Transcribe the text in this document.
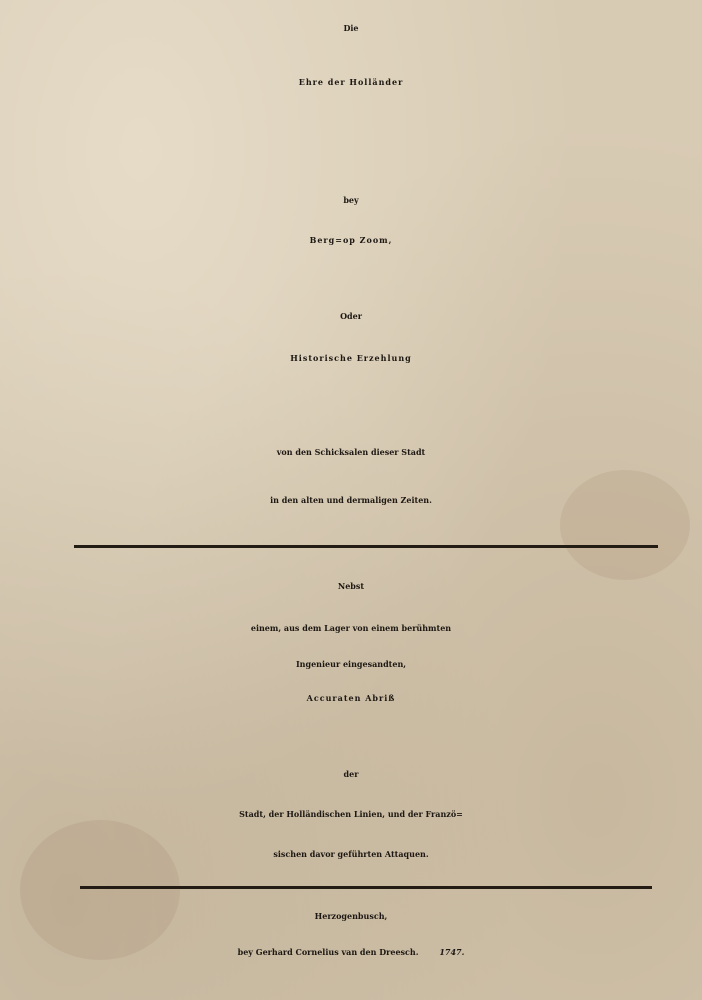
Die
Ehre der Holländer
bey
Berg=op Zoom,
Oder
Historische Erzehlung
von den Schicksalen dieser Stadt
in den alten und dermaligen Zeiten.
Nebst
einem, aus dem Lager von einem berühmten
Ingenieur eingesandten,
Accuraten Abriß
der
Stadt, der Holländischen Linien, und der Franzö=
sischen davor geführten Attaquen.
Herzogenbusch,
bey Gerhard Cornelius van den Dreesch.	1747.
